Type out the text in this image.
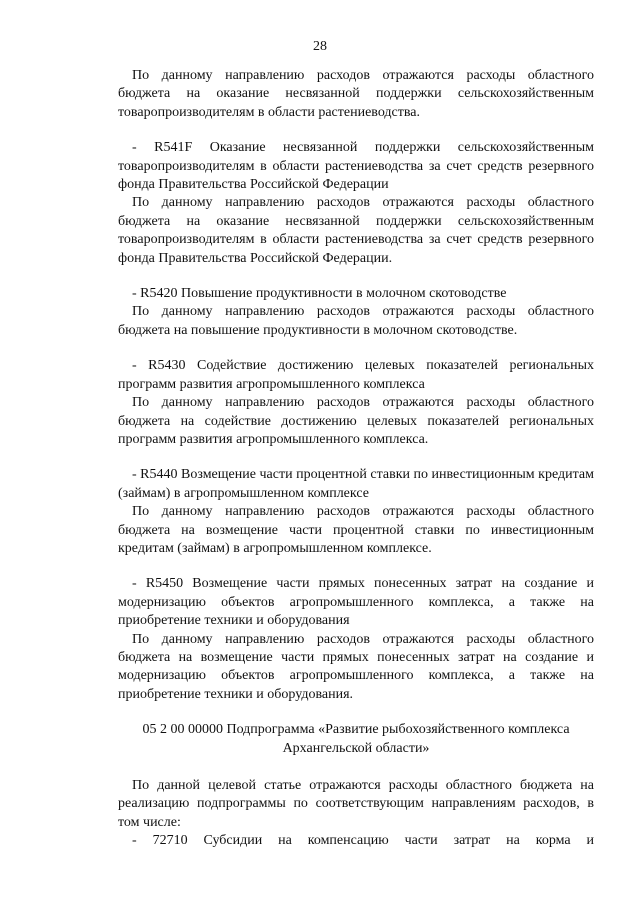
28

По данному направлению расходов отражаются расходы областного бюджета на оказание несвязанной поддержки сельскохозяйственным товаропроизводителям в области растениеводства.

- R541F Оказание несвязанной поддержки сельскохозяйственным товаропроизводителям в области растениеводства за счет средств резервного фонда Правительства Российской Федерации

По данному направлению расходов отражаются расходы областного бюджета на оказание несвязанной поддержки сельскохозяйственным товаропроизводителям в области растениеводства за счет средств резервного фонда Правительства Российской Федерации.

- R5420 Повышение продуктивности в молочном скотоводстве

По данному направлению расходов отражаются расходы областного бюджета на повышение продуктивности в молочном скотоводстве.

- R5430 Содействие достижению целевых показателей региональных программ развития агропромышленного комплекса

По данному направлению расходов отражаются расходы областного бюджета на содействие достижению целевых показателей региональных программ развития агропромышленного комплекса.

- R5440 Возмещение части процентной ставки по инвестиционным кредитам (займам) в агропромышленном комплексе

По данному направлению расходов отражаются расходы областного бюджета на возмещение части процентной ставки по инвестиционным кредитам (займам) в агропромышленном комплексе.

- R5450 Возмещение части прямых понесенных затрат на создание и модернизацию объектов агропромышленного комплекса, а также на приобретение техники и оборудования

По данному направлению расходов отражаются расходы областного бюджета на возмещение части прямых понесенных затрат на создание и модернизацию объектов агропромышленного комплекса, а также на приобретение техники и оборудования.

05 2 00 00000 Подпрограмма «Развитие рыбохозяйственного комплекса
Архангельской области»

По данной целевой статье отражаются расходы областного бюджета на реализацию подпрограммы по соответствующим направлениям расходов, в том числе:

- 72710 Субсидии на компенсацию части затрат на корма и
